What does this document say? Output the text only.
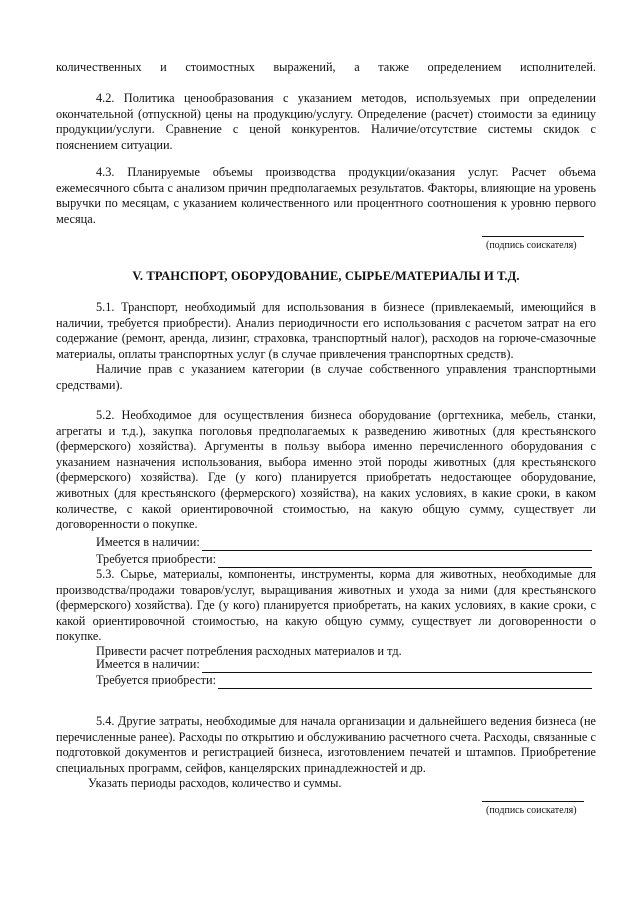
количественных и стоимостных выражений, а также определением исполнителей.

4.2. Политика ценообразования с указанием методов, используемых при определении окончательной (отпускной) цены на продукцию/услугу. Определение (расчет) стоимости за единицу продукции/услуги. Сравнение с ценой конкурентов. Наличие/отсутствие системы скидок с пояснением ситуации.

4.3. Планируемые объемы производства продукции/оказания услуг. Расчет объема ежемесячного сбыта с анализом причин предполагаемых результатов. Факторы, влияющие на уровень выручки по месяцам, с указанием количественного или процентного соотношения к уровню первого месяца.

(подпись соискателя)
V. ТРАНСПОРТ, ОБОРУДОВАНИЕ, СЫРЬЕ/МАТЕРИАЛЫ И Т.Д.

5.1. Транспорт, необходимый для использования в бизнесе (привлекаемый, имеющийся в наличии, требуется приобрести). Анализ периодичности его использования с расчетом затрат на его содержание (ремонт, аренда, лизинг, страховка, транспортный налог), расходов на горюче-смазочные материалы, оплаты транспортных услуг (в случае привлечения транспортных средств).

Наличие прав с указанием категории (в случае собственного управления транспортными средствами).

5.2. Необходимое для осуществления бизнеса оборудование (оргтехника, мебель, станки, агрегаты и т.д.), закупка поголовья предполагаемых к разведению животных (для крестьянского (фермерского) хозяйства). Аргументы в пользу выбора именно перечисленного оборудования с указанием назначения использования, выбора именно этой породы животных (для крестьянского (фермерского) хозяйства). Где (у кого) планируется приобретать недостающее оборудование, животных (для крестьянского (фермерского) хозяйства), на каких условиях, в какие сроки, в каком количестве, с какой ориентировочной стоимостью, на какую общую сумму, существует ли договоренности о покупке.

Имеется в наличии:
Требуется приобрести:

5.3. Сырье, материалы, компоненты, инструменты, корма для животных, необходимые для производства/продажи товаров/услуг, выращивания животных и ухода за ними (для крестьянского (фермерского) хозяйства). Где (у кого) планируется приобретать, на каких условиях, в какие сроки, с какой ориентировочной стоимостью, на какую общую сумму, существует ли договоренности о покупке.

Привести расчет потребления расходных материалов и тд.

Имеется в наличии:
Требуется приобрести:

5.4. Другие затраты, необходимые для начала организации и дальнейшего ведения бизнеса (не перечисленные ранее). Расходы по открытию и обслуживанию расчетного счета. Расходы, связанные с подготовкой документов и регистрацией бизнеса, изготовлением печатей и штампов. Приобретение специальных программ, сейфов, канцелярских принадлежностей и др.

Указать периоды расходов, количество и суммы.

(подпись соискателя)
